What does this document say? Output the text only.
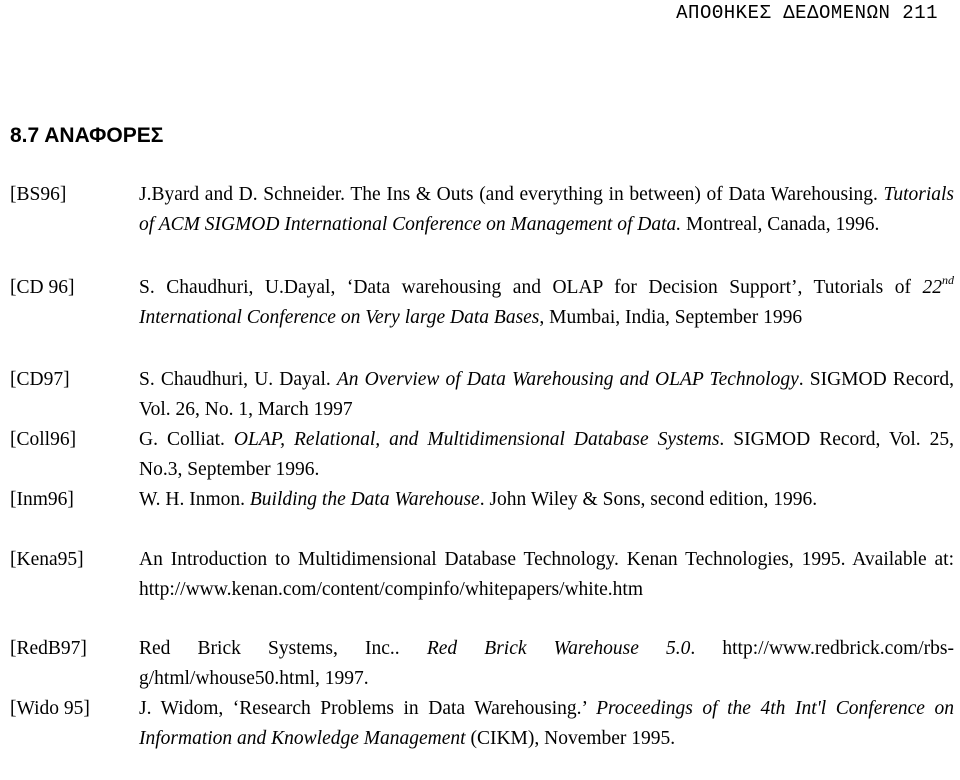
ΑΠΟΘΗΚΕΣ ΔΕΔΟΜΕΝΩΝ 211
8.7 ΑΝΑΦΟΡΕΣ
[BS96]	J.Byard and D. Schneider. The Ins & Outs (and everything in between) of Data Warehousing. Tutorials of ACM SIGMOD International Conference on Management of Data. Montreal, Canada, 1996.
[CD 96]	S. Chaudhuri, U.Dayal, ‘Data warehousing and OLAP for Decision Support’, Tutorials of 22nd International Conference on Very large Data Bases, Mumbai, India, September 1996
[CD97]	S. Chaudhuri, U. Dayal. An Overview of Data Warehousing and OLAP Technology. SIGMOD Record, Vol. 26, No. 1, March 1997
[Coll96]	G. Colliat. OLAP, Relational, and Multidimensional Database Systems. SIGMOD Record, Vol. 25, No.3, September 1996.
[Inm96]	W. H. Inmon. Building the Data Warehouse. John Wiley & Sons, second edition, 1996.
[Kena95]	An Introduction to Multidimensional Database Technology. Kenan Technologies, 1995. Available at: http://www.kenan.com/content/compinfo/whitepapers/white.htm
[RedB97]	Red Brick Systems, Inc.. Red Brick Warehouse 5.0. http://www.redbrick.com/rbs-g/html/whouse50.html, 1997.
[Wido 95]	J. Widom, ‘Research Problems in Data Warehousing.’ Proceedings of the 4th Int'l Conference on Information and Knowledge Management (CIKM), November 1995.
